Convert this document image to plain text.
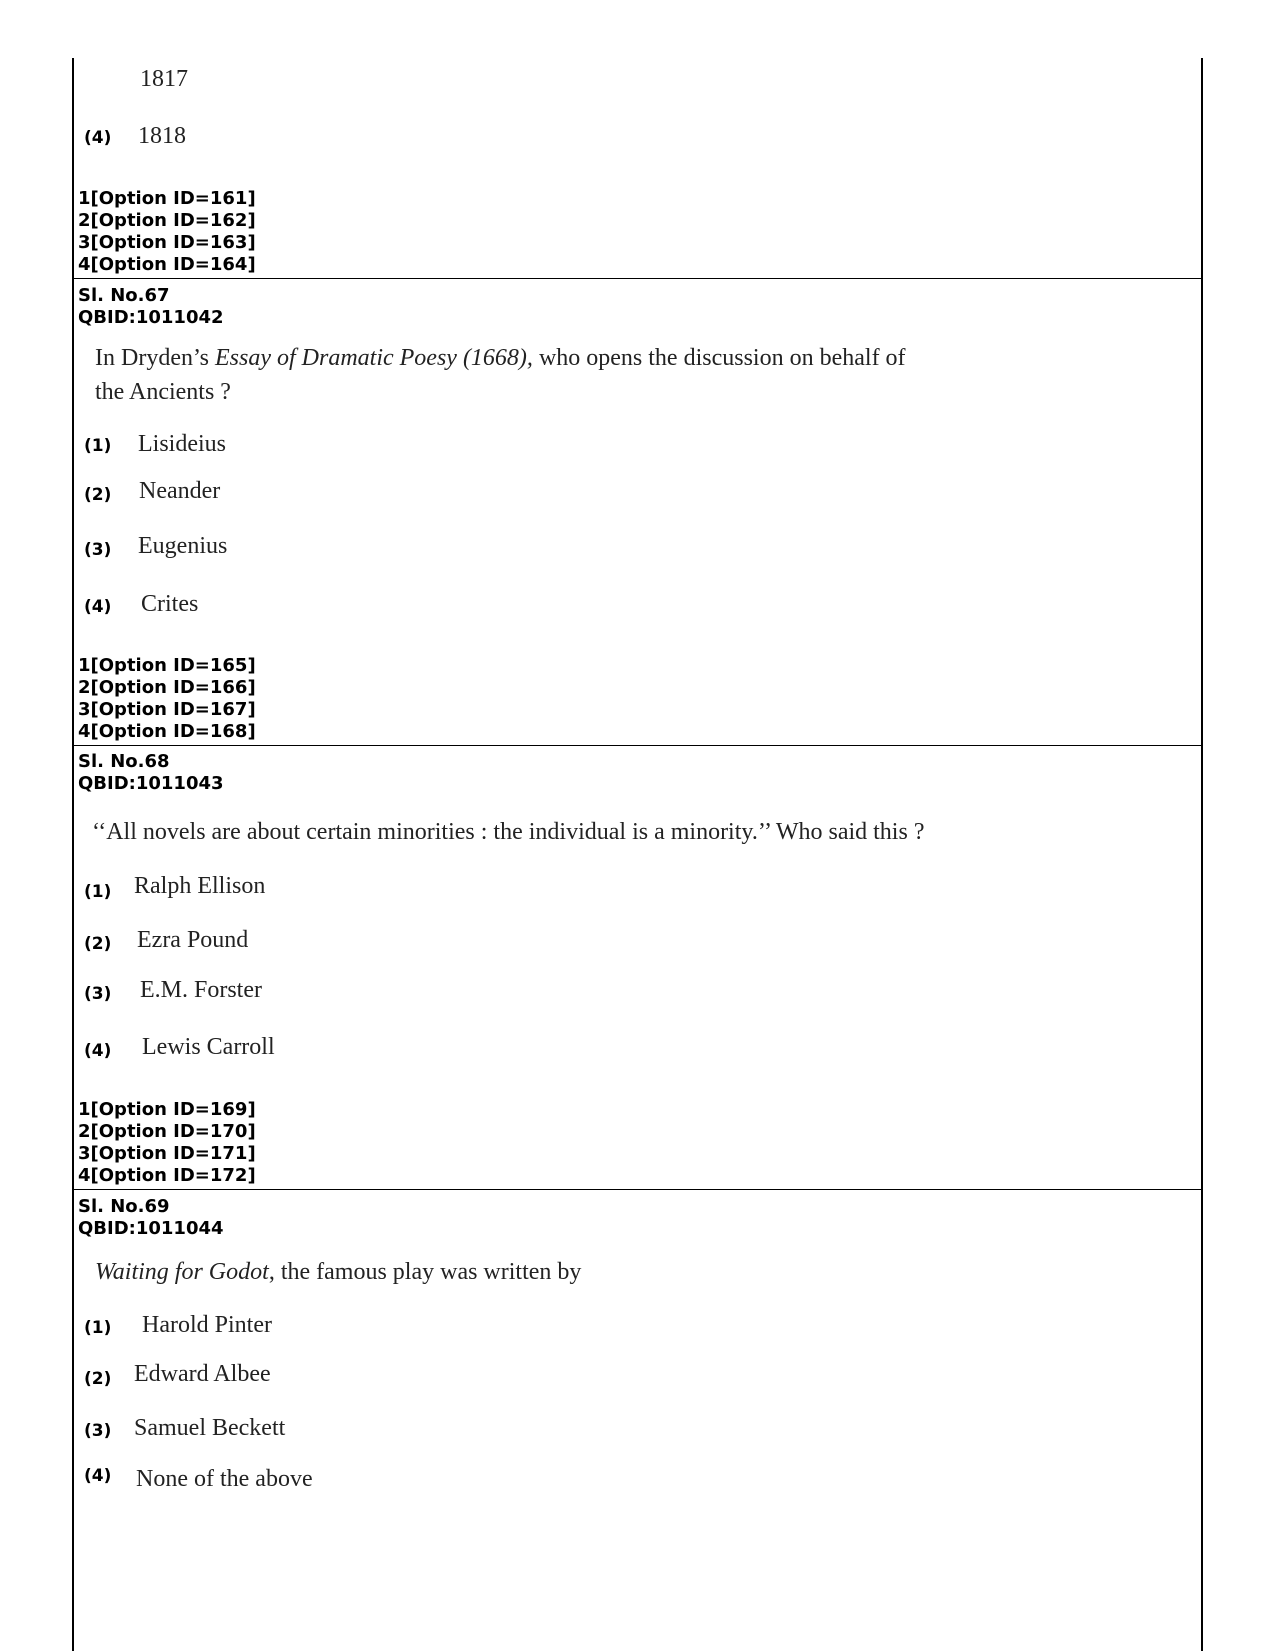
1817
(4) 1818
1[Option ID=161]
2[Option ID=162]
3[Option ID=163]
4[Option ID=164]
Sl. No.67
QBID:1011042
In Dryden’s Essay of Dramatic Poesy (1668), who opens the discussion on behalf of
the Ancients ?
(1) Lisideius
(2) Neander
(3) Eugenius
(4) Crites
1[Option ID=165]
2[Option ID=166]
3[Option ID=167]
4[Option ID=168]
Sl. No.68
QBID:1011043
‘‘All novels are about certain minorities : the individual is a minority.’’ Who said this ?
(1) Ralph Ellison
(2) Ezra Pound
(3) E.M. Forster
(4) Lewis Carroll
1[Option ID=169]
2[Option ID=170]
3[Option ID=171]
4[Option ID=172]
Sl. No.69
QBID:1011044
Waiting for Godot, the famous play was written by
(1) Harold Pinter
(2) Edward Albee
(3) Samuel Beckett
(4) None of the above
